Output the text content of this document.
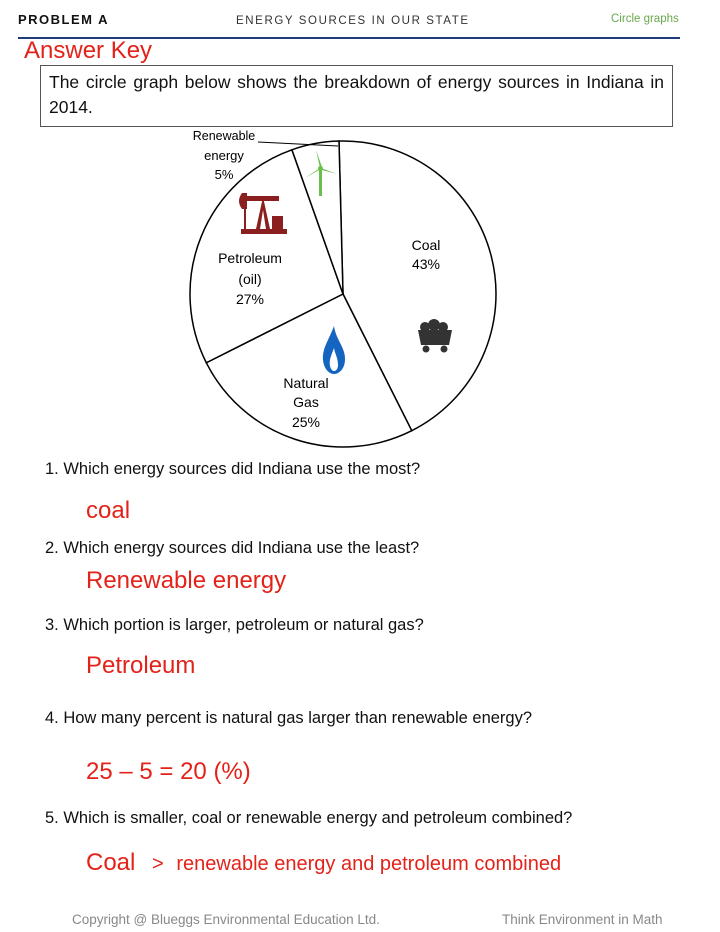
PROBLEM A	ENERGY SOURCES IN OUR STATE	Circle graphs
Answer Key
The circle graph below shows the breakdown of energy sources in Indiana in 2014.
Renewable
energy
5%
Coal
43%
Petroleum
(oil)
27%
Natural
Gas
25%
1. Which energy sources did Indiana use the most?
coal
2. Which energy sources did Indiana use the least?
Renewable energy
3. Which portion is larger, petroleum or natural gas?
Petroleum
4. How many percent is natural gas larger than renewable energy?
25 – 5 = 20 (%)
5. Which is smaller, coal or renewable energy and petroleum combined?
Coal > renewable energy and petroleum combined
Copyright @ Blueggs Environmental Education Ltd.	Think Environment in Math
